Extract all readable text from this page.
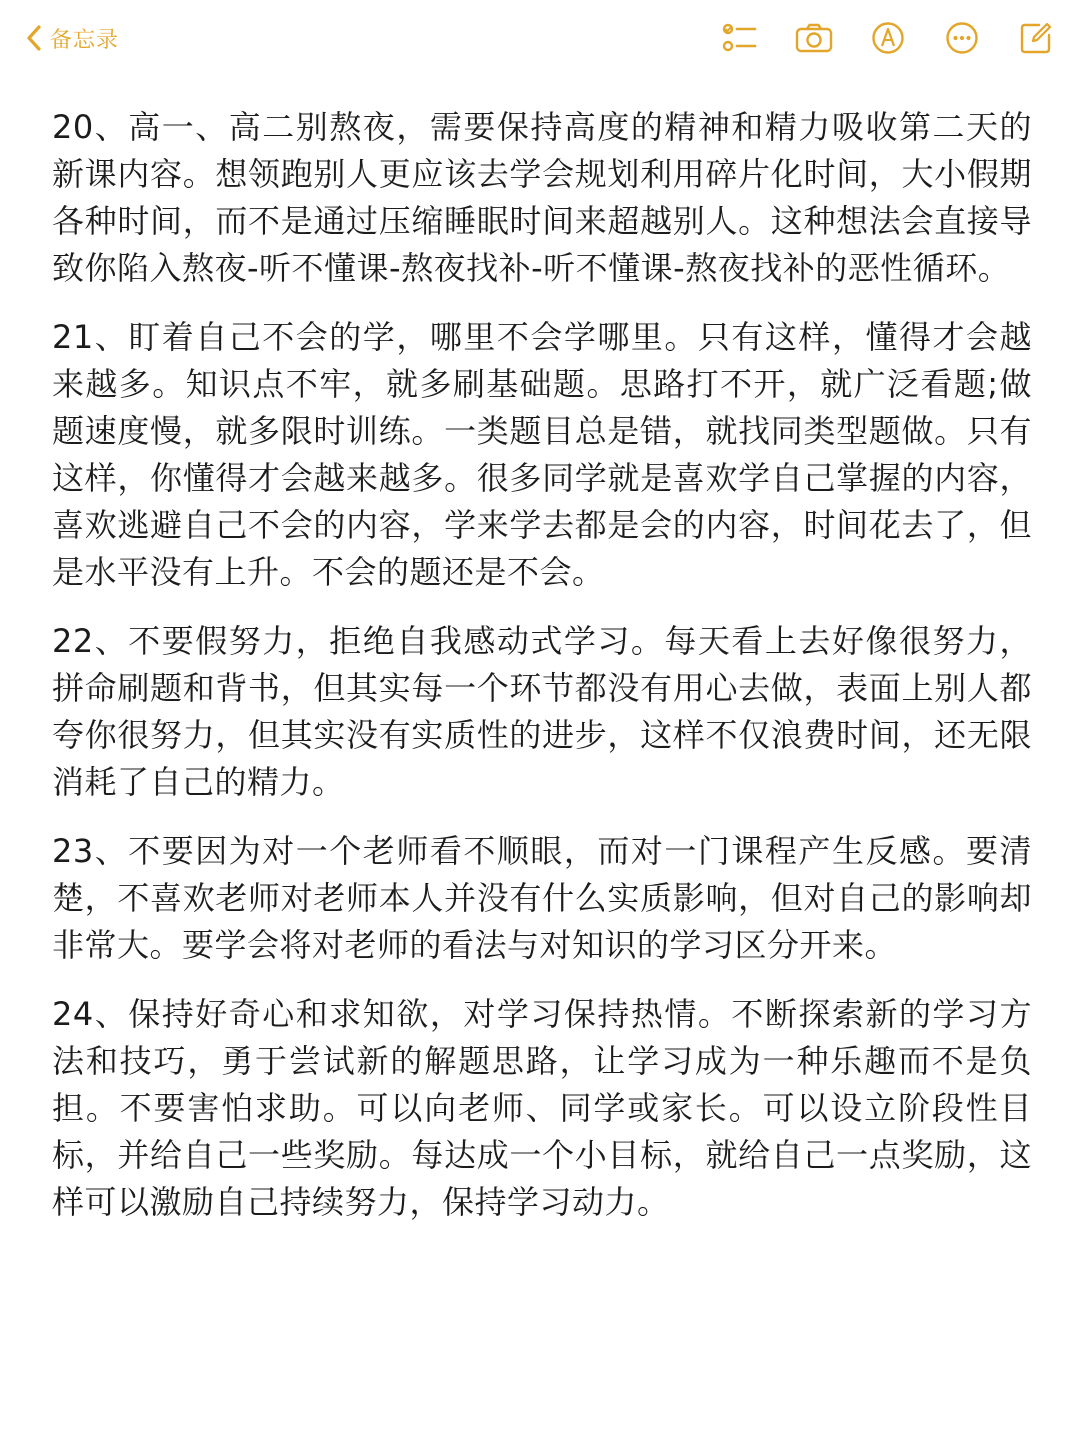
备忘录

20、高一、高二别熬夜，需要保持高度的精神和精力吸收第二天的新课内容。想领跑别人更应该去学会规划利用碎片化时间，大小假期各种时间，而不是通过压缩睡眠时间来超越别人。这种想法会直接导致你陷入熬夜-听不懂课-熬夜找补-听不懂课-熬夜找补的恶性循环。

21、盯着自己不会的学，哪里不会学哪里。只有这样，懂得才会越来越多。知识点不牢，就多刷基础题。思路打不开，就广泛看题;做题速度慢，就多限时训练。一类题目总是错，就找同类型题做。只有这样，你懂得才会越来越多。很多同学就是喜欢学自己掌握的内容，喜欢逃避自己不会的内容，学来学去都是会的内容，时间花去了，但是水平没有上升。不会的题还是不会。

22、不要假努力，拒绝自我感动式学习。每天看上去好像很努力，拼命刷题和背书，但其实每一个环节都没有用心去做，表面上别人都夸你很努力，但其实没有实质性的进步，这样不仅浪费时间，还无限消耗了自己的精力。

23、不要因为对一个老师看不顺眼，而对一门课程产生反感。要清楚，不喜欢老师对老师本人并没有什么实质影响，但对自己的影响却非常大。要学会将对老师的看法与对知识的学习区分开来。

24、保持好奇心和求知欲，对学习保持热情。不断探索新的学习方法和技巧，勇于尝试新的解题思路，让学习成为一种乐趣而不是负担。不要害怕求助。可以向老师、同学或家长。可以设立阶段性目标，并给自己一些奖励。每达成一个小目标，就给自己一点奖励，这样可以激励自己持续努力，保持学习动力。
